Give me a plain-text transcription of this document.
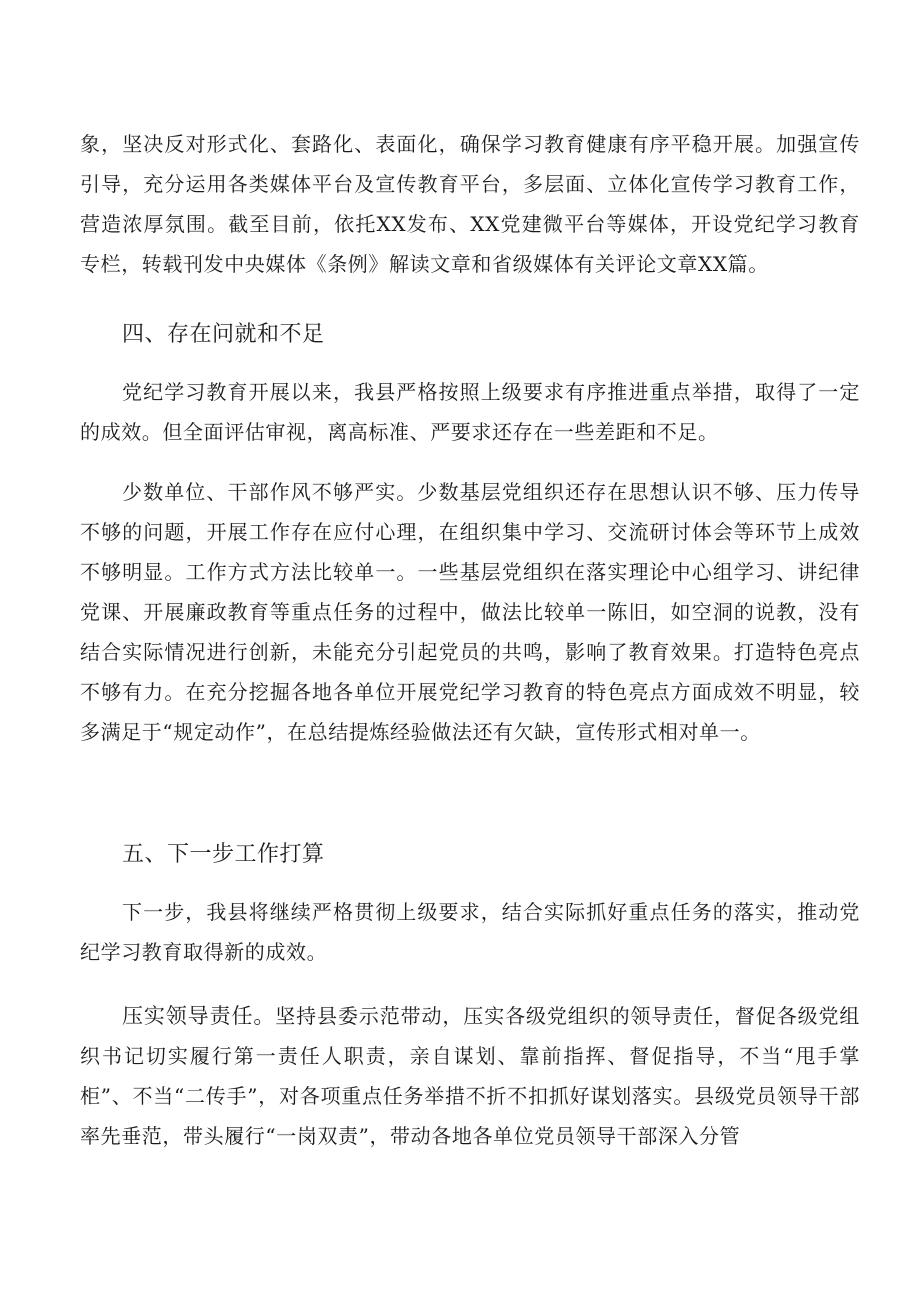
象，坚决反对形式化、套路化、表面化，确保学习教育健康有序平稳开展。加强宣传引导，充分运用各类媒体平台及宣传教育平台，多层面、立体化宣传学习教育工作，营造浓厚氛围。截至目前，依托XX发布、XX党建微平台等媒体，开设党纪学习教育专栏，转载刊发中央媒体《条例》解读文章和省级媒体有关评论文章XX篇。

四、存在问就和不足

党纪学习教育开展以来，我县严格按照上级要求有序推进重点举措，取得了一定的成效。但全面评估审视，离高标准、严要求还存在一些差距和不足。

少数单位、干部作风不够严实。少数基层党组织还存在思想认识不够、压力传导不够的问题，开展工作存在应付心理，在组织集中学习、交流研讨体会等环节上成效不够明显。工作方式方法比较单一。一些基层党组织在落实理论中心组学习、讲纪律党课、开展廉政教育等重点任务的过程中，做法比较单一陈旧，如空洞的说教，没有结合实际情况进行创新，未能充分引起党员的共鸣，影响了教育效果。打造特色亮点不够有力。在充分挖掘各地各单位开展党纪学习教育的特色亮点方面成效不明显，较多满足于“规定动作”，在总结提炼经验做法还有欠缺，宣传形式相对单一。

五、下一步工作打算

下一步，我县将继续严格贯彻上级要求，结合实际抓好重点任务的落实，推动党纪学习教育取得新的成效。

压实领导责任。坚持县委示范带动，压实各级党组织的领导责任，督促各级党组织书记切实履行第一责任人职责，亲自谋划、靠前指挥、督促指导，不当“甩手掌柜”、不当“二传手”，对各项重点任务举措不折不扣抓好谋划落实。县级党员领导干部率先垂范，带头履行“一岗双责”，带动各地各单位党员领导干部深入分管
